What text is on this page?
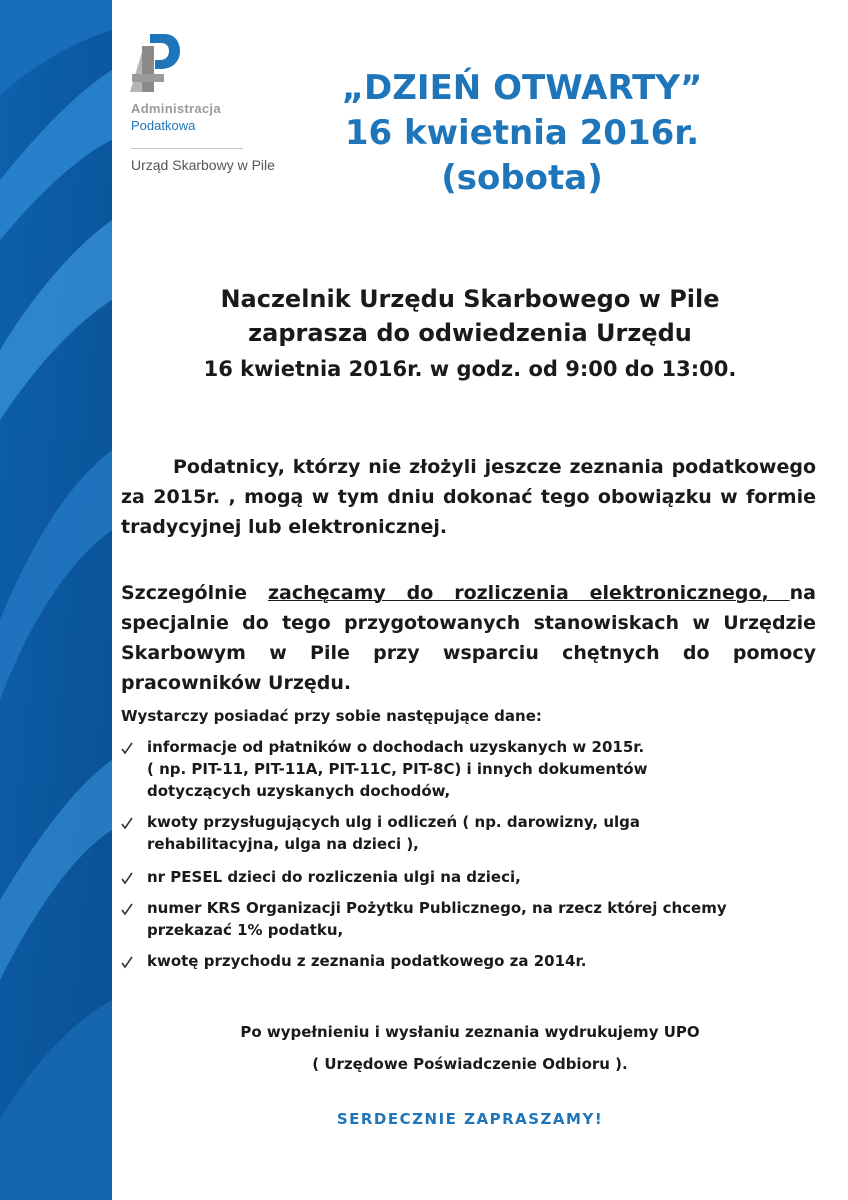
Administracja
Podatkowa
Urząd Skarbowy w Pile
„DZIEŃ OTWARTY”
16 kwietnia 2016r.
(sobota)
Naczelnik Urzędu Skarbowego w Pile
zaprasza do odwiedzenia Urzędu
16 kwietnia 2016r. w godz. od 9:00 do 13:00.
Podatnicy, którzy nie złożyli jeszcze zeznania podatkowego za 2015r. , mogą w tym dniu dokonać tego obowiązku w formie tradycyjnej lub elektronicznej.
Szczególnie zachęcamy do rozliczenia elektronicznego, na specjalnie do tego przygotowanych stanowiskach w Urzędzie Skarbowym w Pile przy wsparciu chętnych do pomocy pracowników Urzędu.
Wystarczy posiadać przy sobie następujące dane:
informacje od płatników o dochodach uzyskanych w 2015r.
( np. PIT-11, PIT-11A, PIT-11C, PIT-8C) i innych dokumentów
dotyczących uzyskanych dochodów,
kwoty przysługujących ulg i odliczeń ( np. darowizny, ulga
rehabilitacyjna, ulga na dzieci ),
nr PESEL dzieci do rozliczenia ulgi na dzieci,
numer KRS Organizacji Pożytku Publicznego, na rzecz której chcemy
przekazać 1% podatku,
kwotę przychodu z zeznania podatkowego za 2014r.
Po wypełnieniu i wysłaniu zeznania wydrukujemy UPO
( Urzędowe Poświadczenie Odbioru ).
SERDECZNIE ZAPRASZAMY!
